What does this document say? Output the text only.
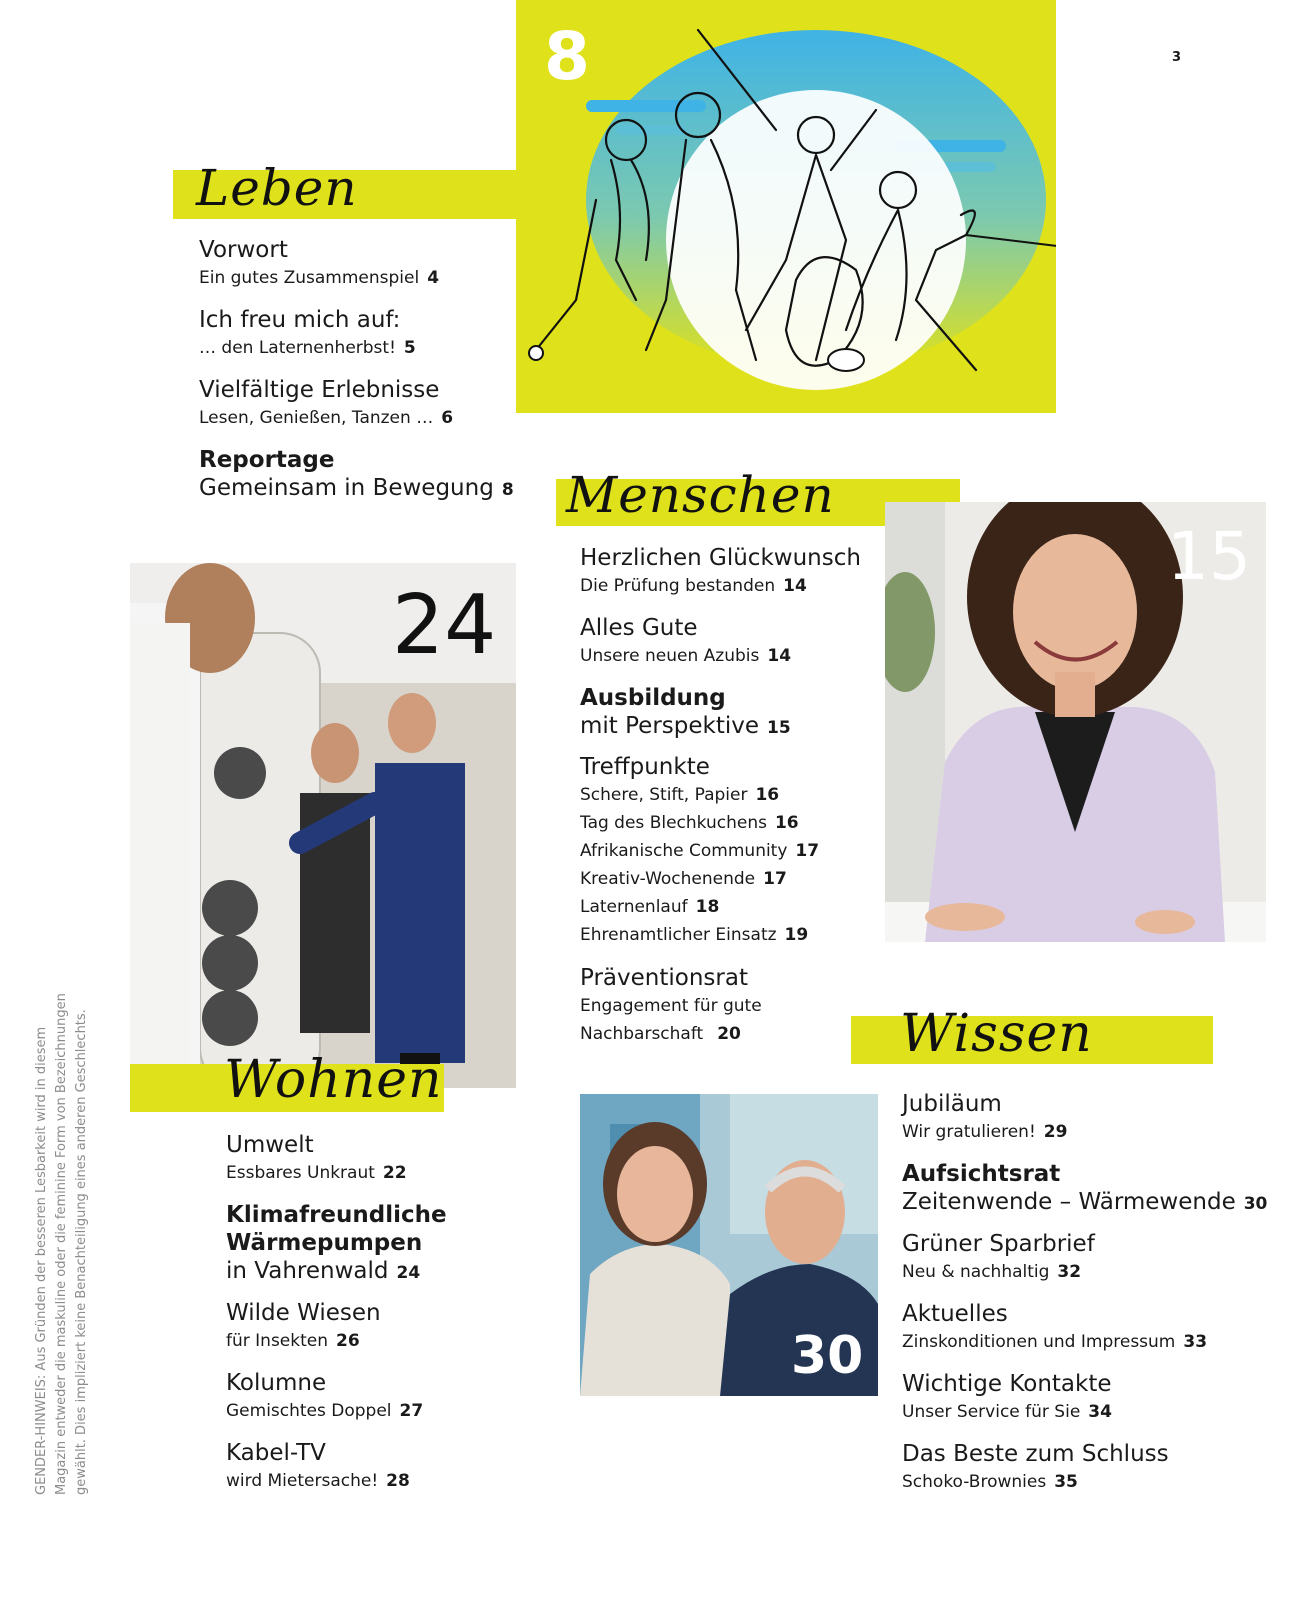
3
GENDER-HINWEIS: Aus Gründen der besseren Lesbarkeit wird in diesem Magazin entweder die maskuline oder die feminine Form von Bezeichnungen gewählt. Dies impliziert keine Benachteiligung eines anderen Geschlechts.
8
Leben
Vorwort
Ein gutes Zusammenspiel 4
Ich freu mich auf:
… den Laternenherbst! 5
Vielfältige Erlebnisse
Lesen, Genießen, Tanzen … 6
Reportage
Gemeinsam in Bewegung 8 Menschen
Herzlichen Glückwunsch
Die Prüfung bestanden 14
Alles Gute
Unsere neuen Azubis 14
Ausbildung
mit Perspektive 15
Treffpunkte
Schere, Stift, Papier 16
Tag des Blechkuchens 16
Afrikanische Community 17
Kreativ-Wochenende 17
Laternenlauf 18
Ehrenamtlicher Einsatz 19
Präventionsrat
Engagement für gute
Nachbarschaft 20
15
24
Wohnen
Umwelt
Essbares Unkraut 22
Klimafreundliche
Wärmepumpen
in Vahrenwald 24
Wilde Wiesen
für Insekten 26
Kolumne
Gemischtes Doppel 27
Kabel-TV
wird Mietersache! 28
30
Wissen
Jubiläum
Wir gratulieren! 29
Aufsichtsrat
Zeitenwende – Wärmewende 30
Grüner Sparbrief
Neu & nachhaltig 32
Aktuelles
Zinskonditionen und Impressum 33
Wichtige Kontakte
Unser Service für Sie 34
Das Beste zum Schluss
Schoko-Brownies 35
